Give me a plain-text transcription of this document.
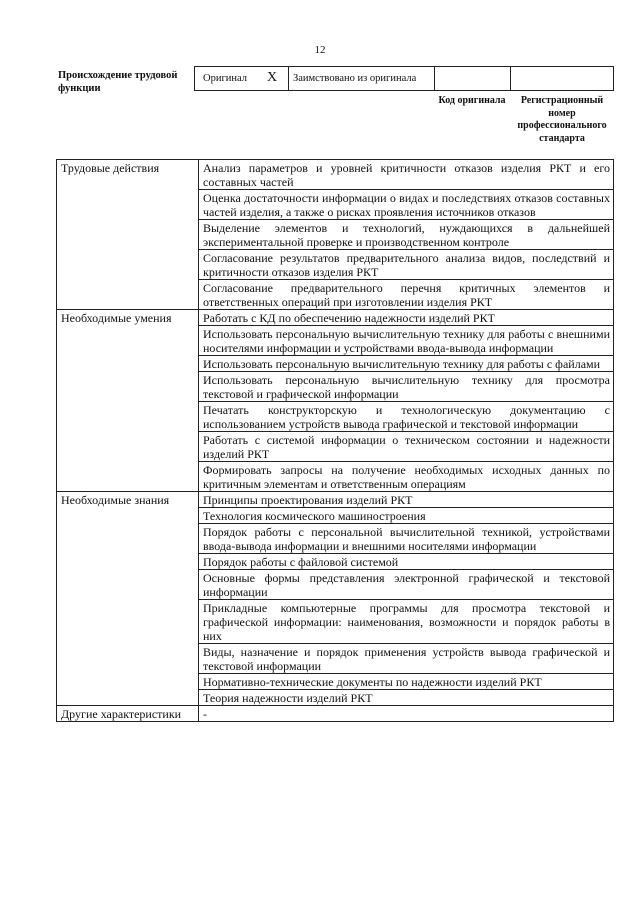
12
Происхождение трудовой функции
Оригинал X Заимствовано из оригинала
Код оригинала	Регистрационный номер профессионального стандарта
Трудовые действия	Анализ параметров и уровней критичности отказов изделия РКТ и его составных частей
	Оценка достаточности информации о видах и последствиях отказов составных частей изделия, а также о рисках проявления источников отказов
	Выделение элементов и технологий, нуждающихся в дальнейшей экспериментальной проверке и производственном контроле
	Согласование результатов предварительного анализа видов, последствий и критичности отказов изделия РКТ
	Согласование предварительного перечня критичных элементов и ответственных операций при изготовлении изделия РКТ
Необходимые умения	Работать с КД по обеспечению надежности изделий РКТ
	Использовать персональную вычислительную технику для работы с внешними носителями информации и устройствами ввода-вывода информации
	Использовать персональную вычислительную технику для работы с файлами
	Использовать персональную вычислительную технику для просмотра текстовой и графической информации
	Печатать конструкторскую и технологическую документацию с использованием устройств вывода графической и текстовой информации
	Работать с системой информации о техническом состоянии и надежности изделий РКТ
	Формировать запросы на получение необходимых исходных данных по критичным элементам и ответственным операциям
Необходимые знания	Принципы проектирования изделий РКТ
	Технология космического машиностроения
	Порядок работы с персональной вычислительной техникой, устройствами ввода-вывода информации и внешними носителями информации
	Порядок работы с файловой системой
	Основные формы представления электронной графической и текстовой информации
	Прикладные компьютерные программы для просмотра текстовой и графической информации: наименования, возможности и порядок работы в них
	Виды, назначение и порядок применения устройств вывода графической и текстовой информации
	Нормативно-технические документы по надежности изделий РКТ
	Теория надежности изделий РКТ
Другие характеристики	-
